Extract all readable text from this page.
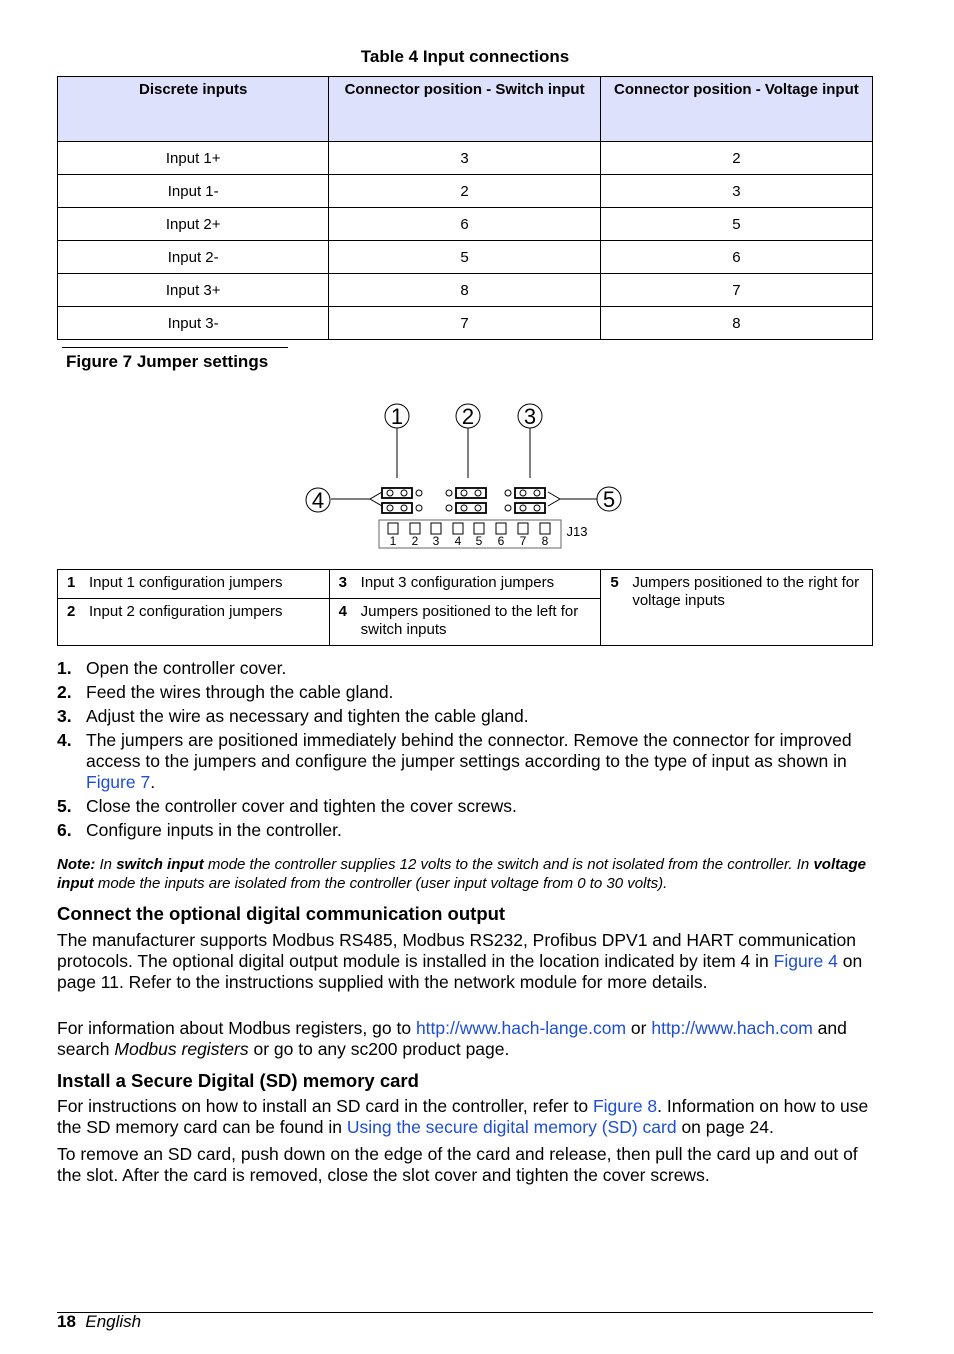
Table 4 Input connections
Discrete inputs	Connector position - Switch input	Connector position - Voltage input
Input 1+	3	2
Input 1-	2	3
Input 2+	6	5
Input 2-	5	6
Input 3+	8	7
Input 3-	7	8
Figure 7 Jumper settings
1	2 3
4	5
J13
1 2 3 4 5 6 7 8
1 Input 1 configuration jumpers	3 Input 3 configuration jumpers	5 Jumpers positioned to the right for voltage inputs

2 Input 2 configuration jumpers	4 Jumpers positioned to the left for switch inputs	
1. Open the controller cover.
2. Feed the wires through the cable gland.
3. Adjust the wire as necessary and tighten the cable gland.
4. The jumpers are positioned immediately behind the connector. Remove the connector for improved access to the jumpers and configure the jumper settings according to the type of input as shown in Figure 7.
5. Close the controller cover and tighten the cover screws.
6. Configure inputs in the controller.

Note: In switch input mode the controller supplies 12 volts to the switch and is not isolated from the controller. In voltage input mode the inputs are isolated from the controller (user input voltage from 0 to 30 volts).

Connect the optional digital communication output

The manufacturer supports Modbus RS485, Modbus RS232, Profibus DPV1 and HART communication protocols. The optional digital output module is installed in the location indicated by item 4 in Figure 4 on page 11. Refer to the instructions supplied with the network module for more details.

For information about Modbus registers, go to http://www.hach-lange.com or http://www.hach.com and search Modbus registers or go to any sc200 product page.

Install a Secure Digital (SD) memory card

For instructions on how to install an SD card in the controller, refer to Figure 8. Information on how to use the SD memory card can be found in Using the secure digital memory (SD) card on page 24.

To remove an SD card, push down on the edge of the card and release, then pull the card up and out of the slot. After the card is removed, close the slot cover and tighten the cover screws.

18 English
